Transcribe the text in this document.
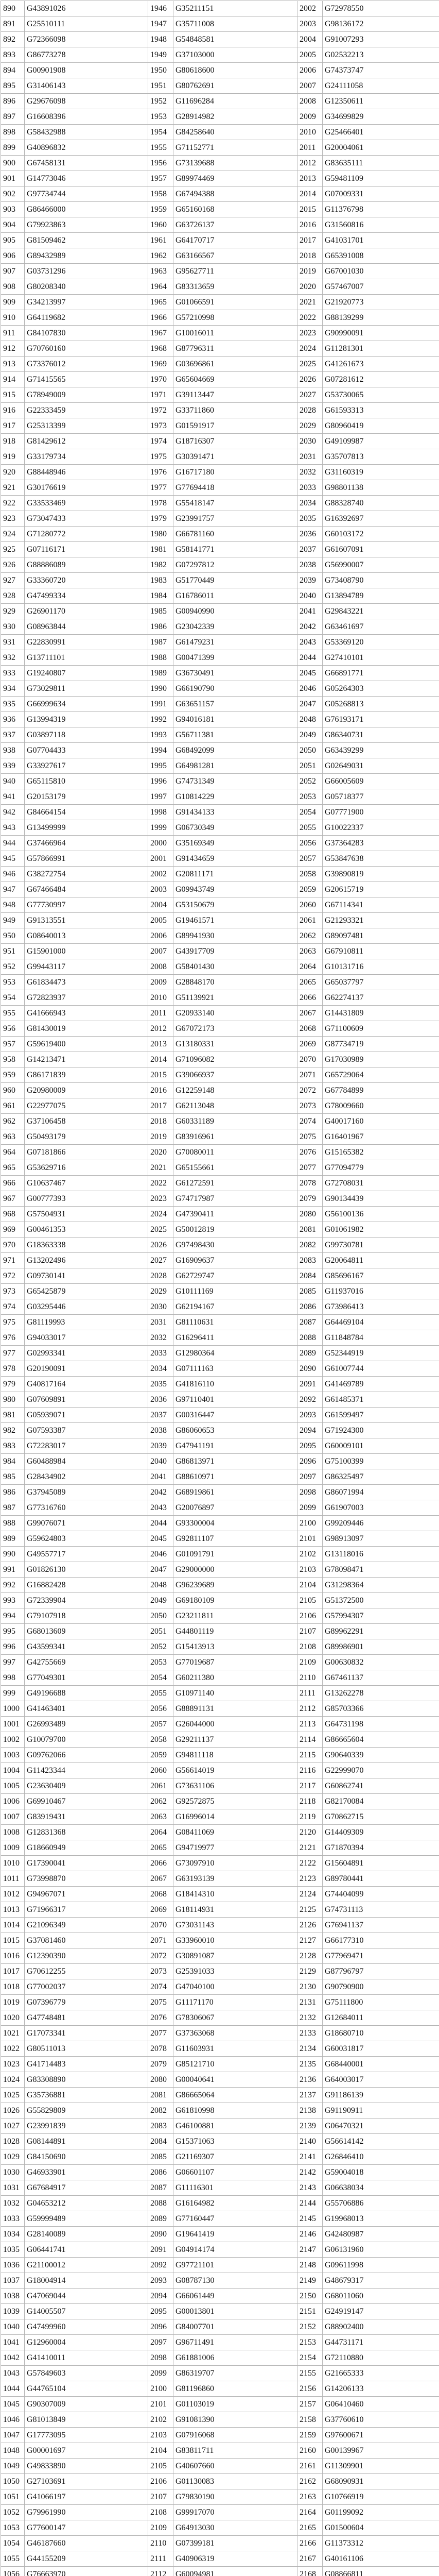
890	G43891026	1946	G35211151	2002	G72978550
891	G25510111	1947	G35711008	2003	G98136172
892	G72366098	1948	G54848581	2004	G91007293
893	G86773278	1949	G37103000	2005	G02532213
894	G00901908	1950	G80618600	2006	G74373747
895	G31406143	1951	G80762691	2007	G24111058
896	G29676098	1952	G11696284	2008	G12350611
897	G16608396	1953	G28914982	2009	G34699829
898	G58432988	1954	G84258640	2010	G25466401
899	G40896832	1955	G71152771	2011	G20004061
900	G67458131	1956	G73139688	2012	G83635111
901	G14773046	1957	G89974469	2013	G59481109
902	G97734744	1958	G67494388	2014	G07009331
903	G86466000	1959	G65160168	2015	G11376798
904	G79923863	1960	G63726137	2016	G31560816
905	G81509462	1961	G64170717	2017	G41031701
906	G89432989	1962	G63166567	2018	G65391008
907	G03731296	1963	G95627711	2019	G67001030
908	G80208340	1964	G83313659	2020	G57467007
909	G34213997	1965	G01066591	2021	G21920773
910	G64119682	1966	G57210998	2022	G88139299
911	G84107830	1967	G10016011	2023	G90990091
912	G70760160	1968	G87796311	2024	G11281301
913	G73376012	1969	G03696861	2025	G41261673
914	G71415565	1970	G65604669	2026	G07281612
915	G78949009	1971	G39113447	2027	G53730065
916	G22333459	1972	G33711860	2028	G61593313
917	G25313399	1973	G01591917	2029	G80960419
918	G81429612	1974	G18716307	2030	G49109987
919	G33179734	1975	G30391471	2031	G35707813
920	G88448946	1976	G16717180	2032	G31160319
921	G30176619	1977	G77694418	2033	G98801138
922	G33533469	1978	G55418147	2034	G88328740
923	G73047433	1979	G23991757	2035	G16392697
924	G71280772	1980	G66781160	2036	G60103172
925	G07116171	1981	G58141771	2037	G61607091
926	G88886089	1982	G07297812	2038	G56990007
927	G33360720	1983	G51770449	2039	G73408790
928	G47499334	1984	G16786011	2040	G13894789
929	G26901170	1985	G00940990	2041	G29843221
930	G08963844	1986	G23042339	2042	G63461697
931	G22830991	1987	G61479231	2043	G53369120
932	G13711101	1988	G00471399	2044	G27410101
933	G19240807	1989	G36730491	2045	G66891771
934	G73029811	1990	G66190790	2046	G05264303
935	G66999634	1991	G63651157	2047	G05268813
936	G13994319	1992	G94016181	2048	G76193171
937	G03897118	1993	G56711381	2049	G86340731
938	G07704433	1994	G68492099	2050	G63439299
939	G33927617	1995	G64981281	2051	G02649031
940	G65115810	1996	G74731349	2052	G66005609
941	G20153179	1997	G10814229	2053	G05718377
942	G84664154	1998	G91434133	2054	G07771900
943	G13499999	1999	G06730349	2055	G10022337
944	G37466964	2000	G35169349	2056	G37364283
945	G57866991	2001	G91434659	2057	G53847638
946	G38272754	2002	G20811171	2058	G39890819
947	G67466484	2003	G09943749	2059	G20615719
948	G77730997	2004	G53150679	2060	G67114341
949	G91313551	2005	G19461571	2061	G21293321
950	G08640013	2006	G89941930	2062	G89097481
951	G15901000	2007	G43917709	2063	G67910811
952	G99443117	2008	G58401430	2064	G10131716
953	G61834473	2009	G28848170	2065	G65037797
954	G72823937	2010	G51139921	2066	G62274137
955	G41666943	2011	G20933140	2067	G14431809
956	G81430019	2012	G67072173	2068	G71100609
957	G59619400	2013	G13180331	2069	G87734719
958	G14213471	2014	G71096082	2070	G17030989
959	G86171839	2015	G39066937	2071	G65729064
960	G20980009	2016	G12259148	2072	G67784899
961	G22977075	2017	G62113048	2073	G78009660
962	G37106458	2018	G60331189	2074	G40017160
963	G50493179	2019	G83916961	2075	G16401967
964	G07181866	2020	G70080011	2076	G15165382
965	G53629716	2021	G65155661	2077	G77094779
966	G10637467	2022	G61272591	2078	G72708031
967	G00777393	2023	G74717987	2079	G90134439
968	G57504931	2024	G47390411	2080	G56100136
969	G00461353	2025	G50012819	2081	G01061982
970	G18363338	2026	G97498430	2082	G99730781
971	G13202496	2027	G16909637	2083	G20064811
972	G09730141	2028	G62729747	2084	G85696167
973	G65425879	2029	G10111169	2085	G11937016
974	G03295446	2030	G62194167	2086	G73986413
975	G81119993	2031	G81110631	2087	G64469104
976	G94033017	2032	G16296411	2088	G11848784
977	G02993341	2033	G12980364	2089	G52344919
978	G20190091	2034	G07111163	2090	G61007744
979	G40817164	2035	G41816110	2091	G41469789
980	G07609891	2036	G97110401	2092	G61485371
981	G05939071	2037	G00316447	2093	G61599497
982	G07593387	2038	G86060653	2094	G71924300
983	G72283017	2039	G47941191	2095	G60009101
984	G60488984	2040	G86813971	2096	G75100399
985	G28434902	2041	G88610971	2097	G86325497
986	G37945089	2042	G68919861	2098	G86071994
987	G77316760	2043	G20076897	2099	G61907003
988	G99076071	2044	G93300004	2100	G99209446
989	G59624803	2045	G92811107	2101	G98913097
990	G49557717	2046	G01091791	2102	G13118016
991	G01826130	2047	G29000000	2103	G78098471
992	G16882428	2048	G96239689	2104	G31298364
993	G72339904	2049	G69180109	2105	G51372500
994	G79107918	2050	G23211811	2106	G57994307
995	G68013609	2051	G44801119	2107	G89962291
996	G43599341	2052	G15413913	2108	G89986901
997	G42755669	2053	G77019687	2109	G00630832
998	G77049301	2054	G60211380	2110	G67461137
999	G49196688	2055	G10971140	2111	G13262278
1000	G41463401	2056	G88891131	2112	G85703366
1001	G26993489	2057	G26044000	2113	G64731198
1002	G10079700	2058	G29211137	2114	G86665604
1003	G09762066	2059	G94811118	2115	G90640339
1004	G11423344	2060	G56614019	2116	G22999070
1005	G23630409	2061	G73631106	2117	G60862741
1006	G69910467	2062	G92572875	2118	G82170084
1007	G83919431	2063	G16996014	2119	G70862715
1008	G12831368	2064	G08411069	2120	G14409309
1009	G18660949	2065	G94719977	2121	G71870394
1010	G17390041	2066	G73097910	2122	G15604891
1011	G73998870	2067	G63193139	2123	G89780441
1012	G94967071	2068	G18414310	2124	G74404099
1013	G71966317	2069	G18114931	2125	G74731113
1014	G21096349	2070	G73031143	2126	G76941137
1015	G37081460	2071	G33960010	2127	G66177310
1016	G12390390	2072	G30891087	2128	G77969471
1017	G70612255	2073	G25391033	2129	G87796797
1018	G77002037	2074	G47040100	2130	G90790900
1019	G07396779	2075	G11171170	2131	G75111800
1020	G47748481	2076	G78306067	2132	G12684011
1021	G17073341	2077	G37363068	2133	G18680710
1022	G80511013	2078	G11603931	2134	G60031817
1023	G41714483	2079	G85121710	2135	G68440001
1024	G83308890	2080	G00040641	2136	G64003017
1025	G35736881	2081	G86665064	2137	G91186139
1026	G55829809	2082	G61810998	2138	G91190911
1027	G23991839	2083	G46100881	2139	G06470321
1028	G08144891	2084	G15371063	2140	G56614142
1029	G84150690	2085	G21169307	2141	G26846410
1030	G46933901	2086	G06601107	2142	G59004018
1031	G67684917	2087	G11116301	2143	G06638034
1032	G04653212	2088	G16164982	2144	G55706886
1033	G59999489	2089	G77160447	2145	G19968013
1034	G28140089	2090	G19641419	2146	G42480987
1035	G06441741	2091	G04914174	2147	G06131960
1036	G21100012	2092	G97721101	2148	G09611998
1037	G18004914	2093	G08787130	2149	G48679317
1038	G47069044	2094	G66061449	2150	G68011060
1039	G14005507	2095	G00013801	2151	G24919147
1040	G47499960	2096	G84007701	2152	G88902400
1041	G12960004	2097	G96711491	2153	G44731171
1042	G41410011	2098	G61881006	2154	G72110880
1043	G57849603	2099	G86319707	2155	G21665333
1044	G44765104	2100	G81196860	2156	G14206133
1045	G90307009	2101	G01103019	2157	G06410460
1046	G81013849	2102	G91081390	2158	G37760610
1047	G17773095	2103	G07916068	2159	G97600671
1048	G00001697	2104	G83811711	2160	G00139967
1049	G49833890	2105	G40607660	2161	G11309901
1050	G27103691	2106	G01130083	2162	G68090931
1051	G41066197	2107	G79830190	2163	G10766919
1052	G79961990	2108	G99917070	2164	G01199092
1053	G77600147	2109	G64913030	2165	G01500604
1054	G46187660	2110	G07399181	2166	G11373312
1055	G44155209	2111	G40906319	2167	G40161106
1056	G76663970	2112	G60094981	2168	G08866811
